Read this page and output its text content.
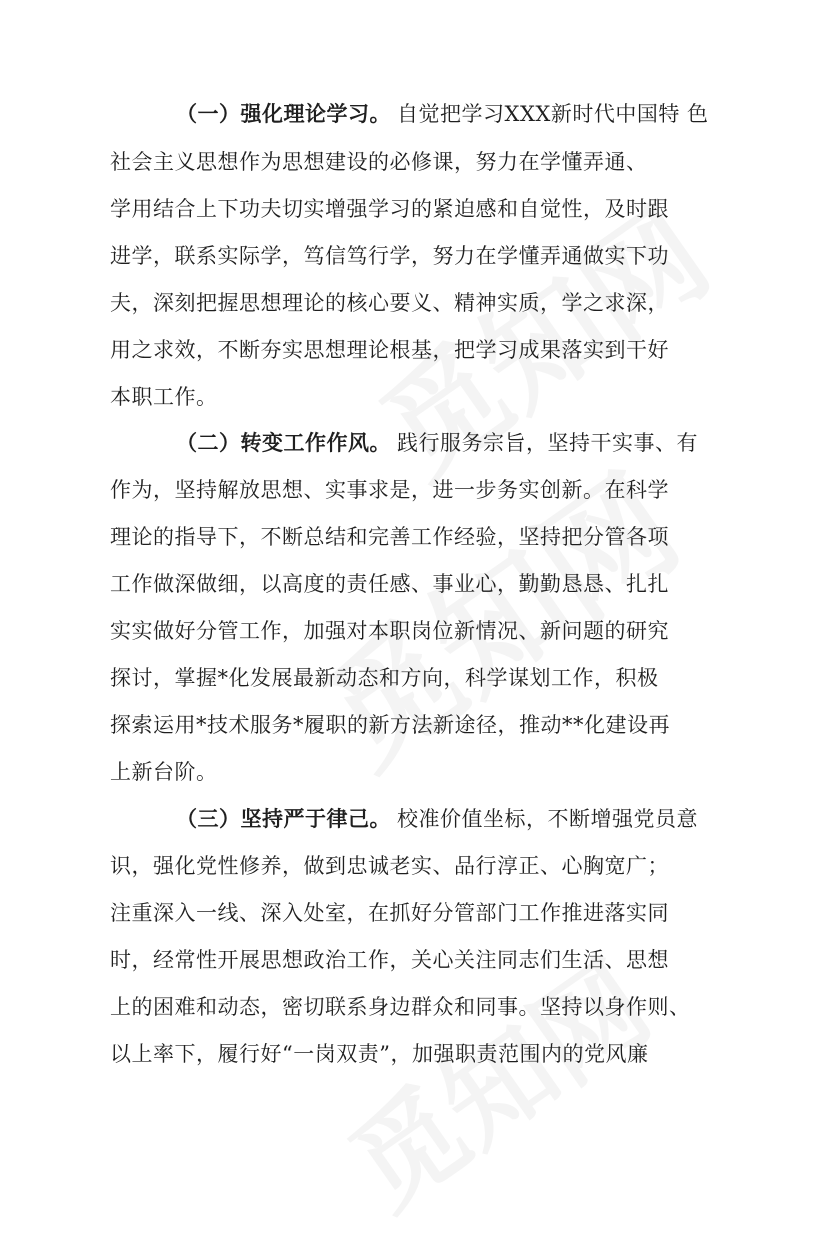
（一）强化理论学习。 自觉把学习XXX新时代中国特 色
社会主义思想作为思想建设的必修课，努力在学懂弄通、
学用结合上下功夫切实增强学习的紧迫感和自觉性，及时跟
进学，联系实际学，笃信笃行学，努力在学懂弄通做实下功
夫，深刻把握思想理论的核心要义、精神实质，学之求深，
用之求效，不断夯实思想理论根基，把学习成果落实到干好
本职工作。
（二）转变工作作风。 践行服务宗旨，坚持干实事、有
作为，坚持解放思想、实事求是，进一步务实创新。在科学
理论的指导下，不断总结和完善工作经验，坚持把分管各项
工作做深做细，以高度的责任感、事业心，勤勤恳恳、扎扎
实实做好分管工作，加强对本职岗位新情况、新问题的研究
探讨，掌握*化发展最新动态和方向，科学谋划工作，积极
探索运用*技术服务*履职的新方法新途径，推动**化建设再
上新台阶。
（三）坚持严于律己。 校准价值坐标，不断增强党员意
识，强化党性修养，做到忠诚老实、品行淳正、心胸宽广；
注重深入一线、深入处室，在抓好分管部门工作推进落实同
时，经常性开展思想政治工作，关心关注同志们生活、思想
上的困难和动态，密切联系身边群众和同事。坚持以身作则、
以上率下，履行好“一岗双责”，加强职责范围内的党风廉
